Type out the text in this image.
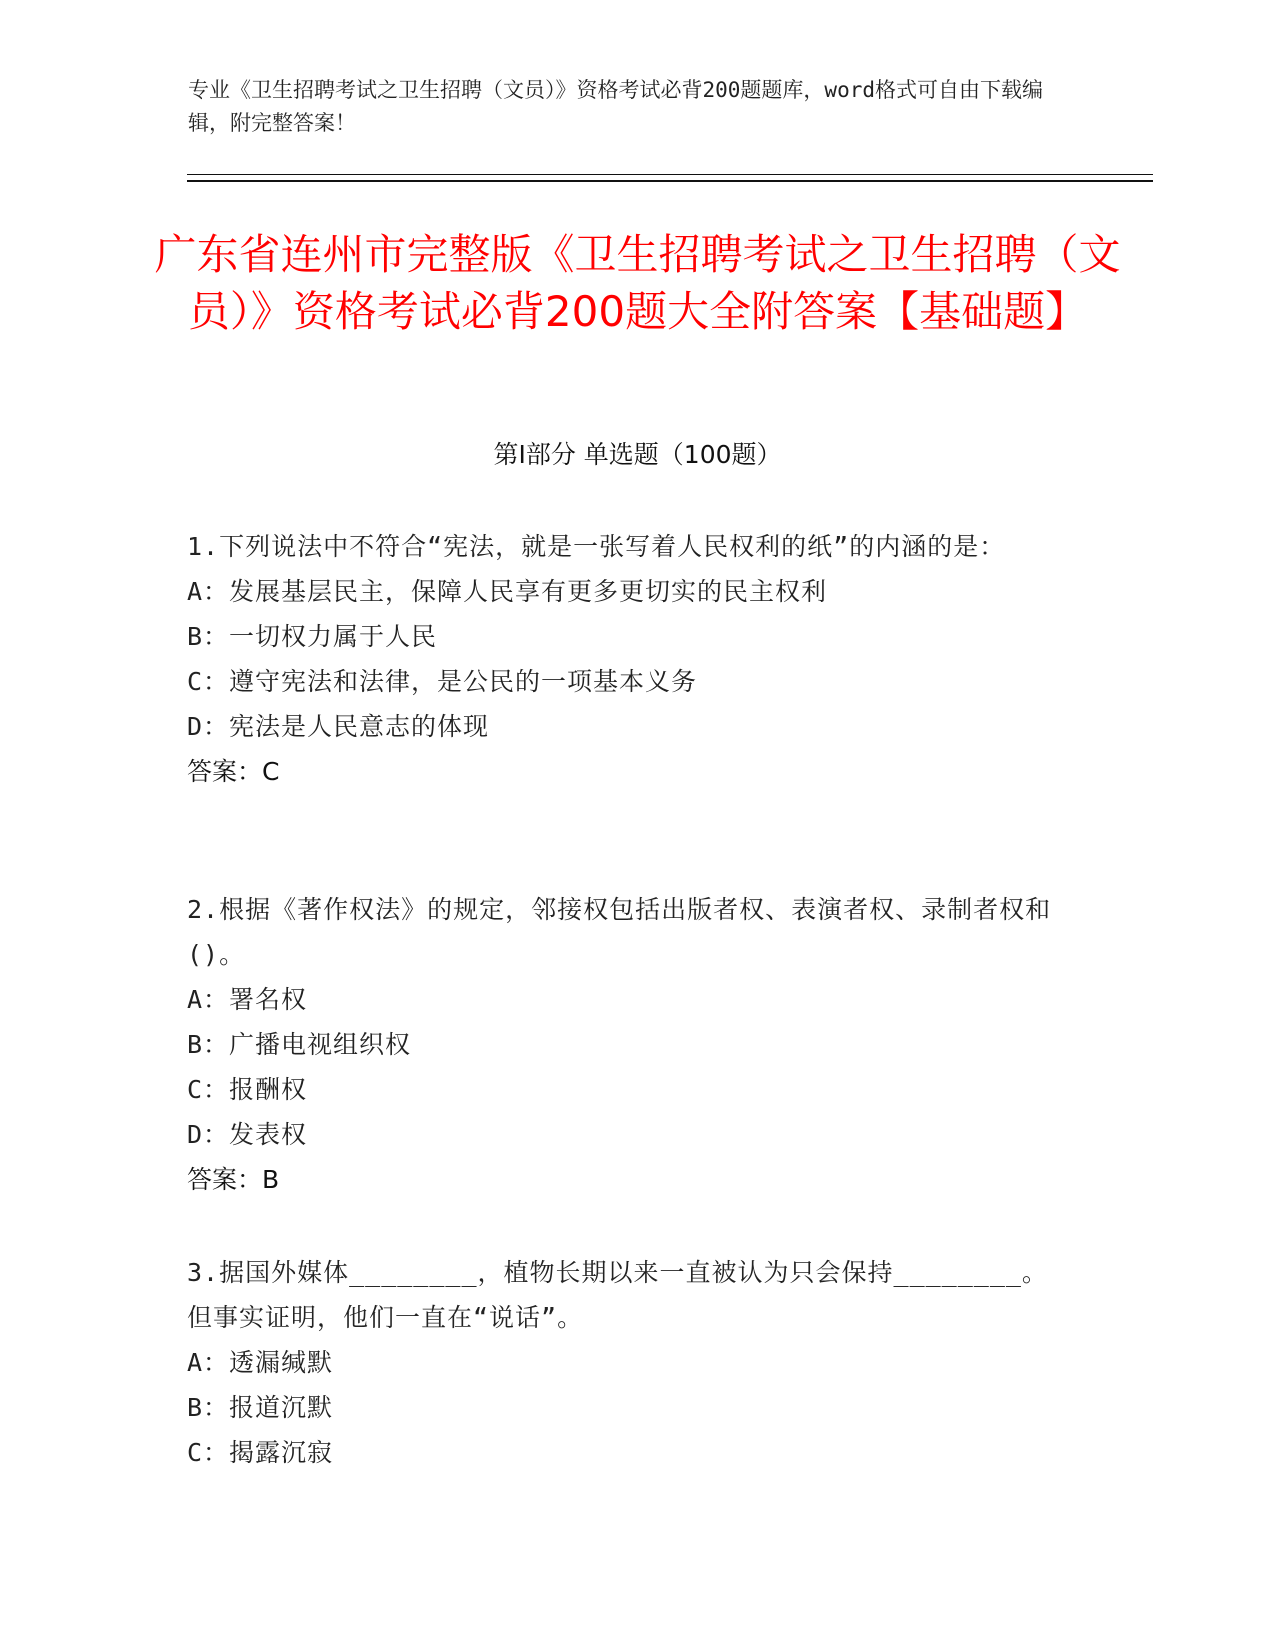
专业《卫生招聘考试之卫生招聘（文员）》资格考试必背200题题库，word格式可自由下载编辑，附完整答案！
广东省连州市完整版《卫生招聘考试之卫生招聘（文员）》资格考试必背200题大全附答案【基础题】
第Ⅰ部分 单选题（100题）
1.下列说法中不符合“宪法，就是一张写着人民权利的纸”的内涵的是：
A：发展基层民主，保障人民享有更多更切实的民主权利
B：一切权力属于人民
C：遵守宪法和法律，是公民的一项基本义务
D：宪法是人民意志的体现
答案：C
2.根据《著作权法》的规定，邻接权包括出版者权、表演者权、录制者权和()。
A：署名权
B：广播电视组织权
C：报酬权
D：发表权
答案：B
3.据国外媒体________，植物长期以来一直被认为只会保持________。但事实证明，他们一直在“说话”。
A：透漏缄默
B：报道沉默
C：揭露沉寂
